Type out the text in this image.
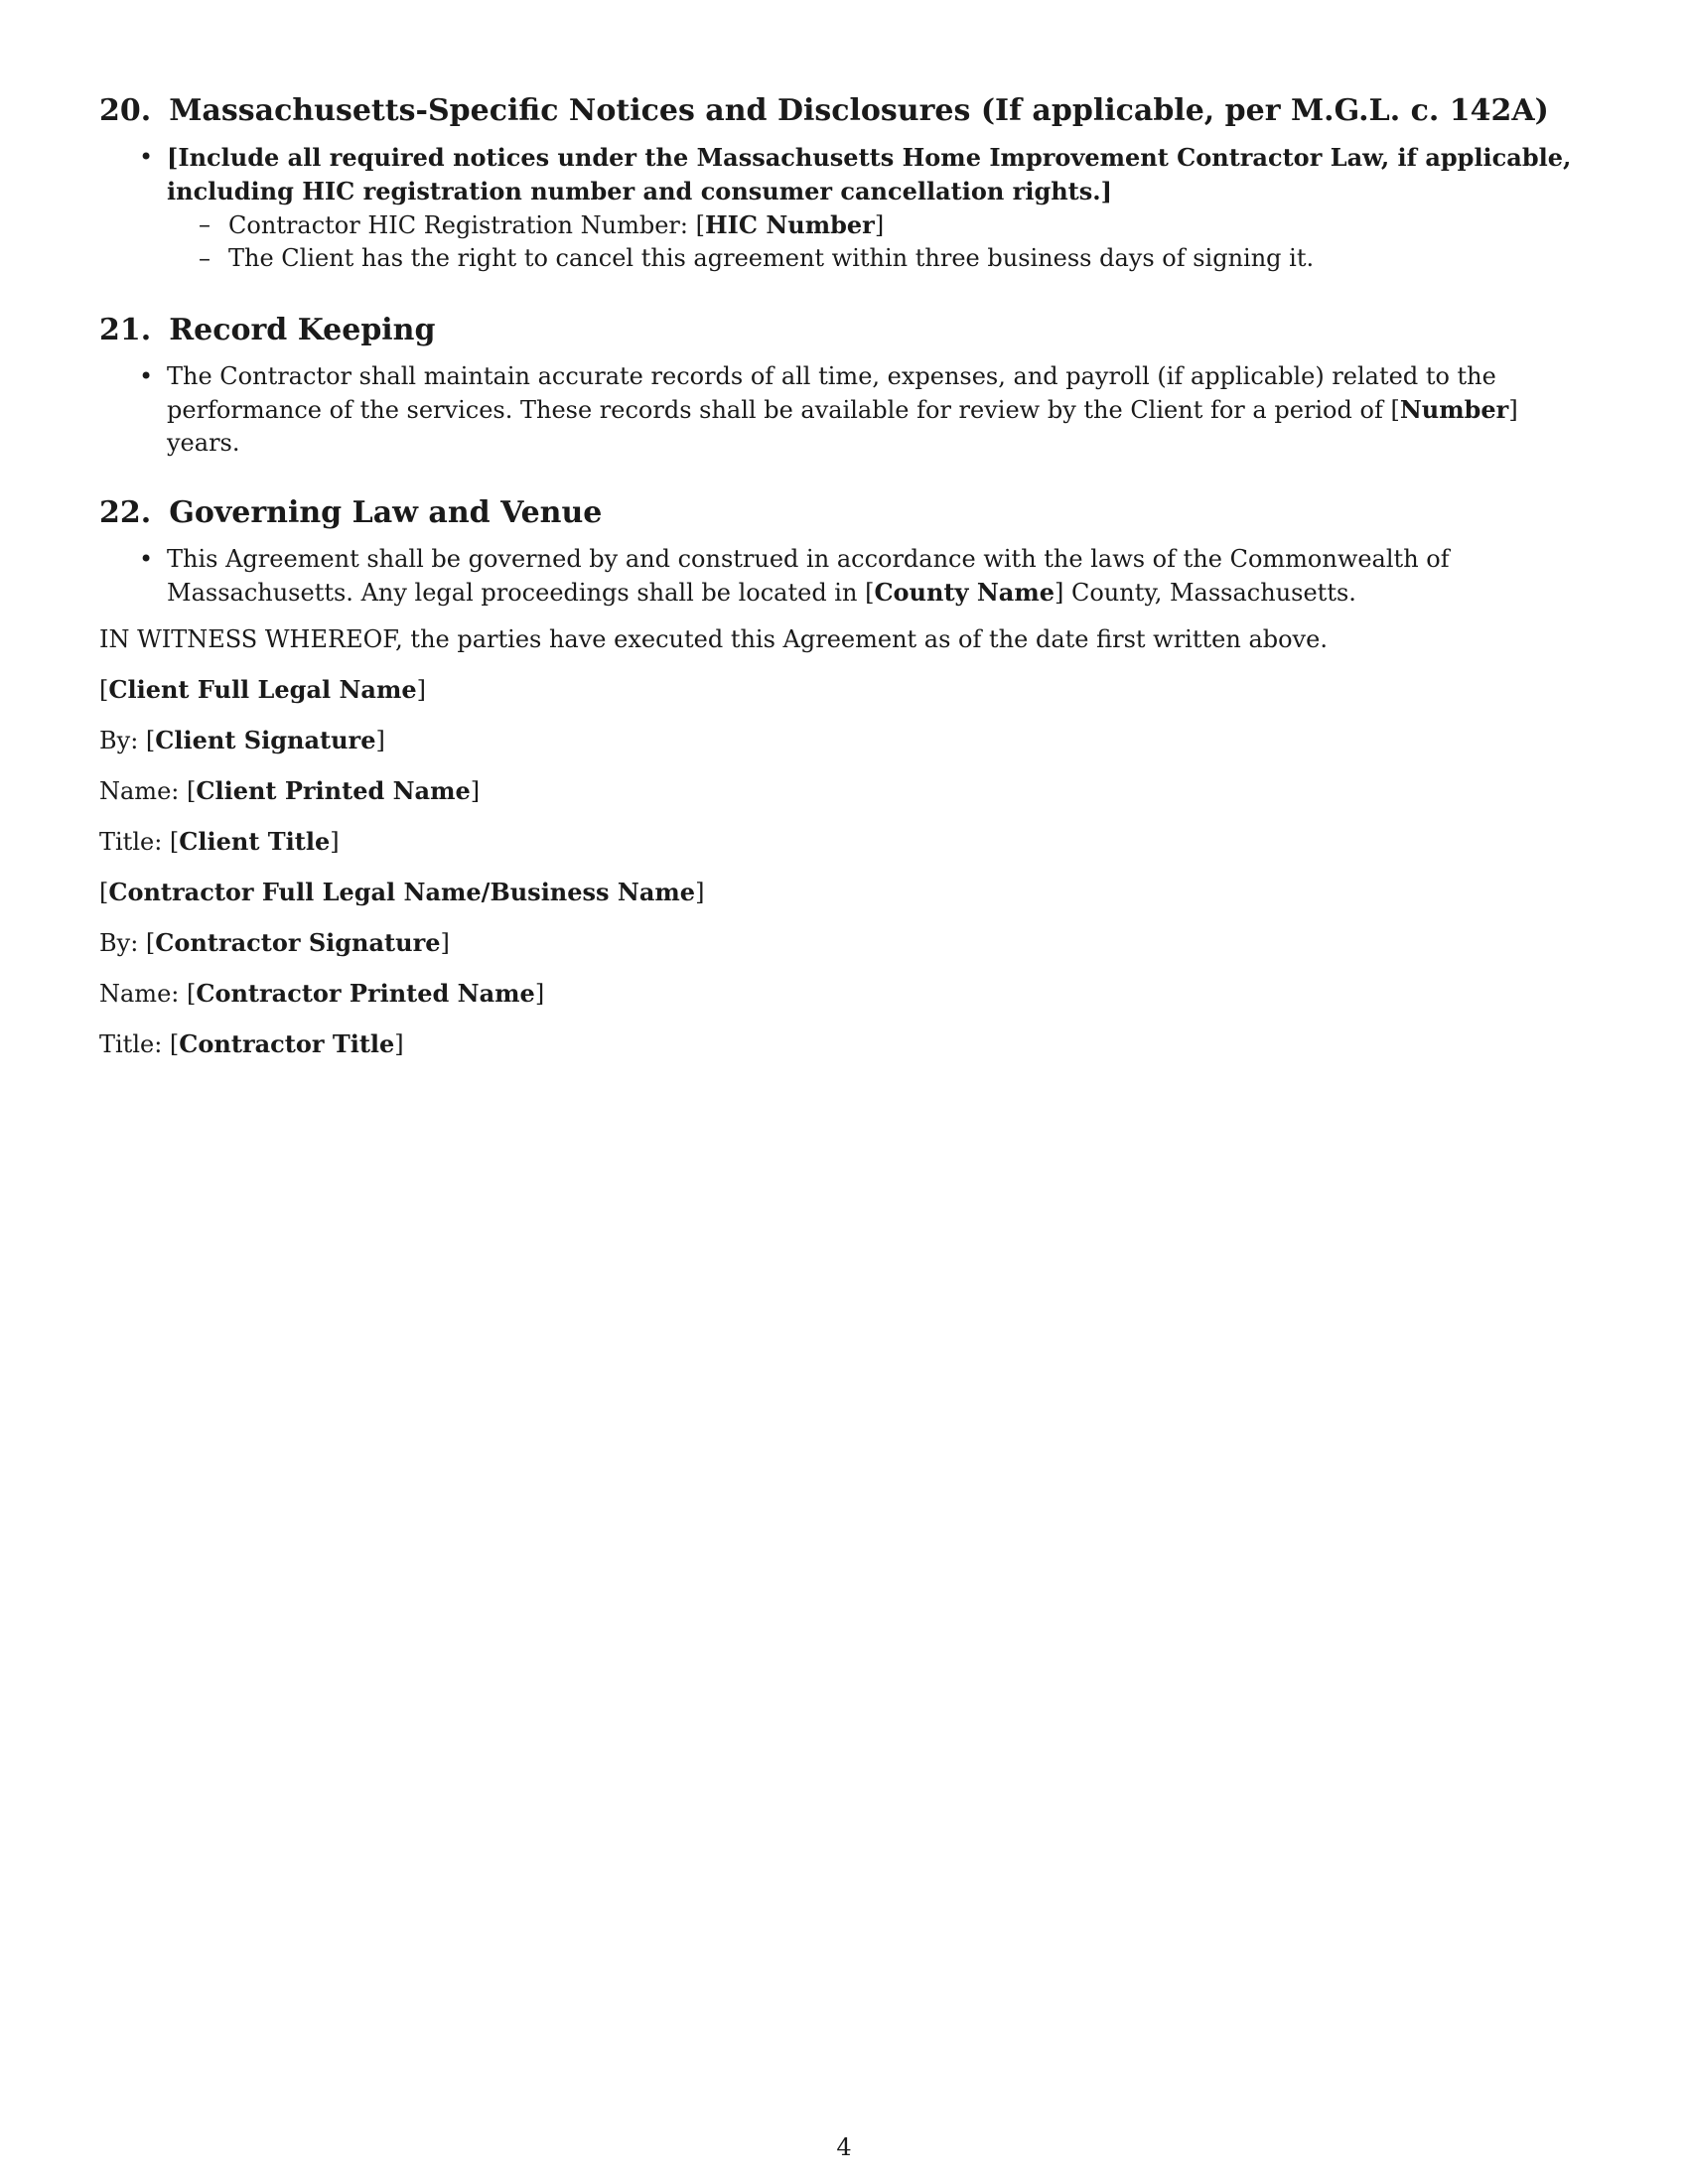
20. Massachusetts-Specific Notices and Disclosures (If applicable, per M.G.L. c. 142A)
• [Include all required notices under the Massachusetts Home Improvement Contractor Law, if applicable, including HIC registration number and consumer cancellation rights.]
– Contractor HIC Registration Number: [HIC Number]
– The Client has the right to cancel this agreement within three business days of signing it.
21. Record Keeping
• The Contractor shall maintain accurate records of all time, expenses, and payroll (if applicable) related to the performance of the services. These records shall be available for review by the Client for a period of [Number] years.
22. Governing Law and Venue
• This Agreement shall be governed by and construed in accordance with the laws of the Commonwealth of Massachusetts. Any legal proceedings shall be located in [County Name] County, Massachusetts.

IN WITNESS WHEREOF, the parties have executed this Agreement as of the date first written above.

[Client Full Legal Name]

By: [Client Signature]

Name: [Client Printed Name]

Title: [Client Title]

[Contractor Full Legal Name/Business Name]

By: [Contractor Signature]

Name: [Contractor Printed Name]

Title: [Contractor Title]

4
